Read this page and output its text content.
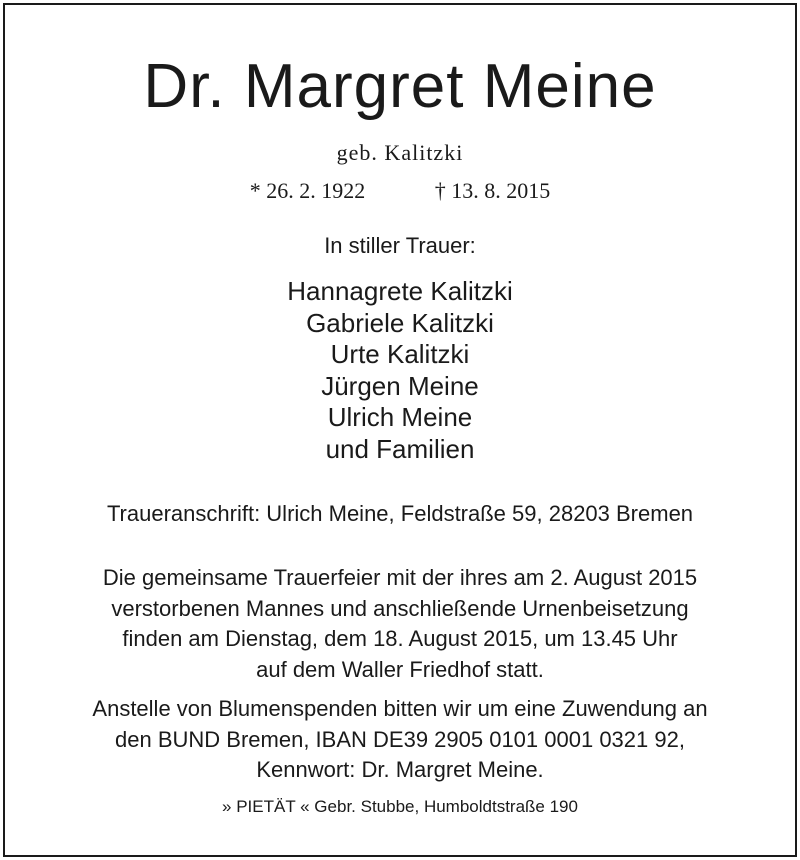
Dr. Margret Meine
geb. Kalitzki
* 26. 2. 1922	† 13. 8. 2015
In stiller Trauer:
Hannagrete Kalitzki
Gabriele Kalitzki
Urte Kalitzki
Jürgen Meine
Ulrich Meine
und Familien
Traueranschrift: Ulrich Meine, Feldstraße 59, 28203 Bremen
Die gemeinsame Trauerfeier mit der ihres am 2. August 2015
verstorbenen Mannes und anschließende Urnenbeisetzung
finden am Dienstag, dem 18. August 2015, um 13.45 Uhr
auf dem Waller Friedhof statt.
Anstelle von Blumenspenden bitten wir um eine Zuwendung an
den BUND Bremen, IBAN DE39 2905 0101 0001 0321 92,
Kennwort: Dr. Margret Meine.
» PIETÄT « Gebr. Stubbe, Humboldtstraße 190
